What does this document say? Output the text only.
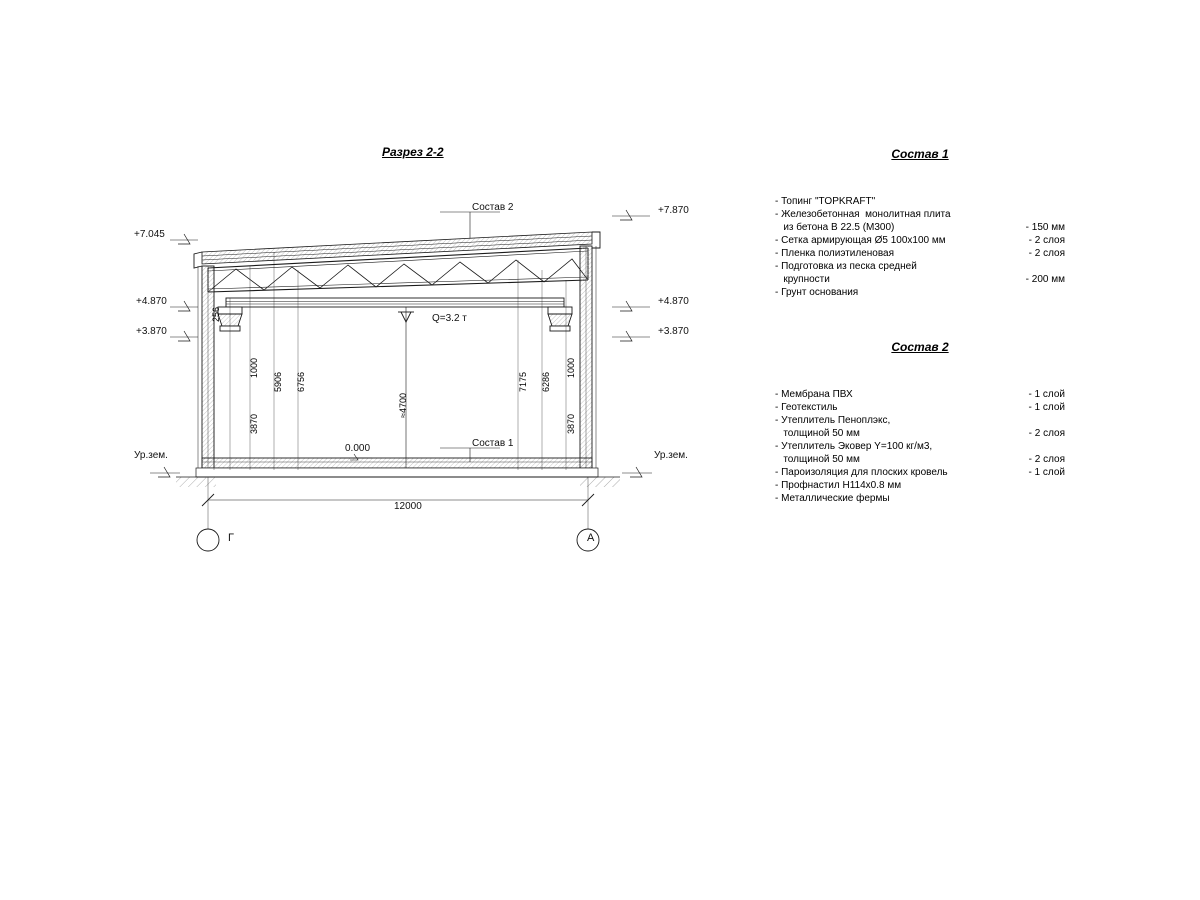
Разрез 2-2
Состав 2
Состав 1
Q=3.2 т
0.000
Ур.зем.	Ур.зем.
+7.045
+4.870
+3.870
+7.870
+4.870
+3.870
256
1000
3870
5906 6756
≈4700
7175 6286
1000
3870
12000
Г	А
Состав 1
- Топинг "TOPKRAFT"
- Железобетонная  монолитная плита
из бетона В 22.5 (М300)	- 150 мм
- Сетка армирующая Ø5 100х100 мм	- 2 слоя
- Пленка полиэтиленовая	- 2 слоя
- Подготовка из песка средней
крупности	- 200 мм
- Грунт основания
Состав 2
- Мембрана ПВХ	- 1 слой
- Геотекстиль	- 1 слой
- Утеплитель Пеноплэкс,
толщиной 50 мм	- 2 слоя
- Утеплитель Эковер Y=100 кг/м3,
толщиной 50 мм	- 2 слоя
- Пароизоляция для плоских кровель	- 1 слой
- Профнастил Н114х0.8 мм
- Металлические фермы
